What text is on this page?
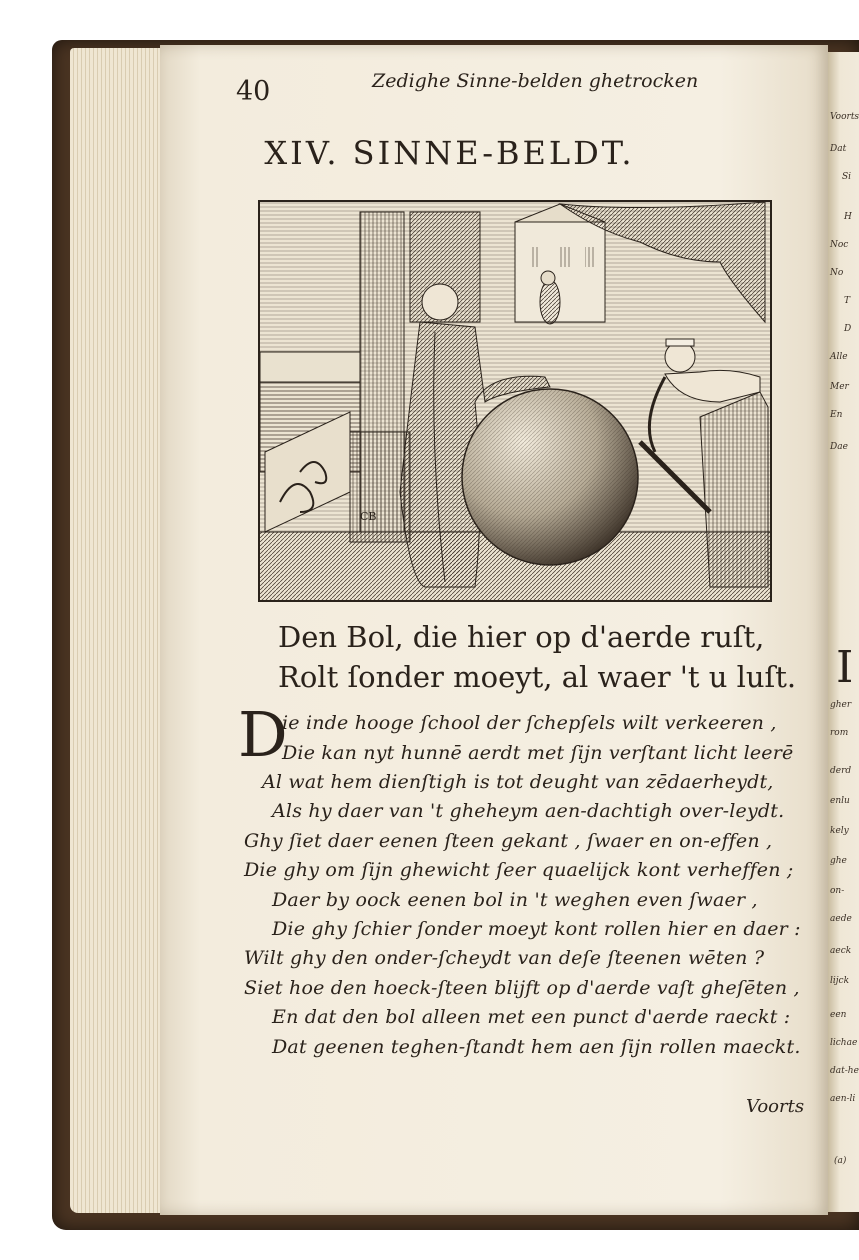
Voorts
Dat
Si
H
Noc
No
T
D
Alle
Mer
En
Dae
I
gher
rom
derd
enlu
kely
ghe
on-
aede
aeck
lijck
een
lichae
dat-he
aen-li
(a)
40	Zedighe Sinne-belden ghetrocken
XIV. SINNE-BELDT.
CB
Den Bol, die hier op d'aerde ruſt,
Rolt ſonder moeyt, al waer 't u luſt.
D
ie inde hooge ſchool der ſchepſels wilt verkeeren ,
Die kan nyt hunnē aerdt met ſijn verſtant licht leerē
Al wat hem dienſtigh is tot deught van zēdaerheydt,
Als hy daer van 't gheheym aen-dachtigh over-leydt.
Ghy ſiet daer eenen ſteen gekant , ſwaer en on-effen ,
Die ghy om ſijn ghewicht ſeer quaelijck kont verheffen ;
Daer by oock eenen bol in 't weghen even ſwaer ,
Die ghy ſchier ſonder moeyt kont rollen hier en daer :
Wilt ghy den onder-ſcheydt van deſe ſteenen wēten ?
Siet hoe den hoeck-ſteen blijft op d'aerde vaſt gheſēten ,
En dat den bol alleen met een punct d'aerde raeckt :
Dat geenen teghen-ſtandt hem aen ſijn rollen maeckt.
Voorts
